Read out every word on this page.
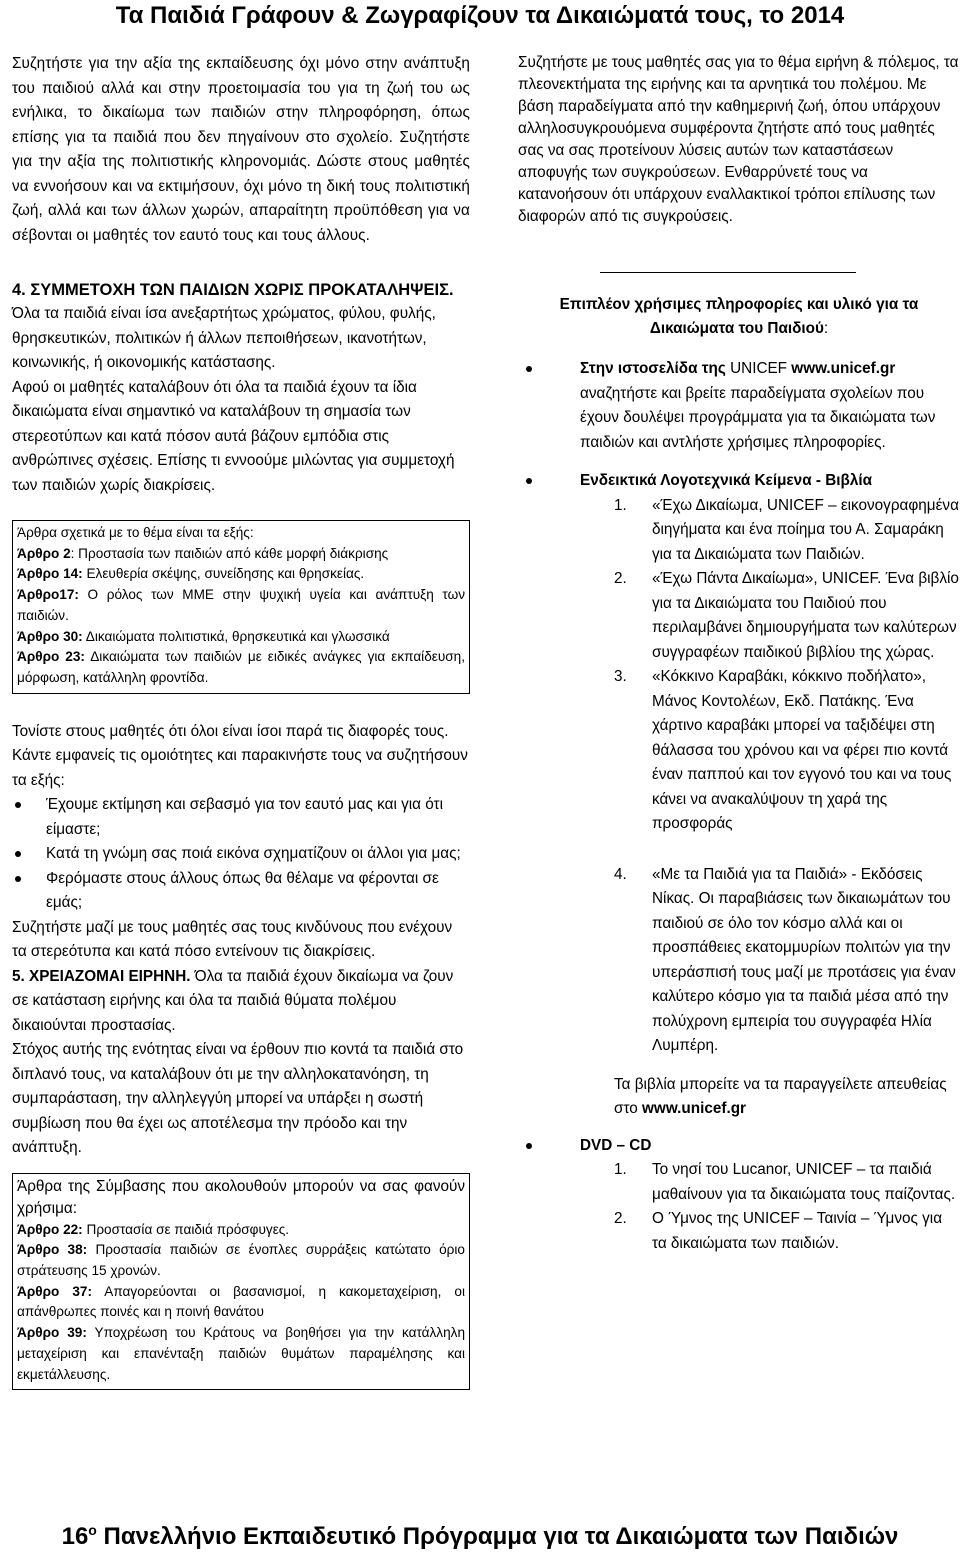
Τα Παιδιά Γράφουν & Ζωγραφίζουν τα Δικαιώματά τους, το 2014

Συζητήστε για την αξία της εκπαίδευσης όχι μόνο στην ανάπτυξη του παιδιού αλλά και στην προετοιμασία του για τη ζωή του ως ενήλικα, το δικαίωμα των παιδιών στην πληροφόρηση, όπως επίσης για τα παιδιά που δεν πηγαίνουν στο σχολείο. Συζητήστε για την αξία της πολιτιστικής κληρονομιάς. Δώστε στους μαθητές να εννοήσουν και να εκτιμήσουν, όχι μόνο τη δική τους πολιτιστική ζωή, αλλά και των άλλων χωρών, απαραίτητη προϋπόθεση για να σέβονται οι μαθητές τον εαυτό τους και τους άλλους.

4. ΣΥΜΜΕΤΟΧΗ ΤΩΝ ΠΑΙΔΙΩΝ ΧΩΡΙΣ ΠΡΟΚΑΤΑΛΗΨΕΙΣ.

Όλα τα παιδιά είναι ίσα ανεξαρτήτως χρώματος, φύλου, φυλής, θρησκευτικών, πολιτικών ή άλλων πεποιθήσεων, ικανοτήτων, κοινωνικής, ή οικονομικής κατάστασης.

Αφού οι μαθητές καταλάβουν ότι όλα τα παιδιά έχουν τα ίδια δικαιώματα είναι σημαντικό να καταλάβουν τη σημασία των στερεοτύπων και κατά πόσον αυτά βάζουν εμπόδια στις ανθρώπινες σχέσεις. Επίσης τι εννοούμε μιλώντας για συμμετοχή των παιδιών χωρίς διακρίσεις.

Άρθρα σχετικά με το θέμα είναι τα εξής:

Άρθρο 2: Προστασία των παιδιών από κάθε μορφή διάκρισης

Άρθρο 14: Ελευθερία σκέψης, συνείδησης και θρησκείας.

Άρθρο17: Ο ρόλος των ΜΜΕ στην ψυχική υγεία και ανάπτυξη των παιδιών.

Άρθρο 30: Δικαιώματα πολιτιστικά, θρησκευτικά και γλωσσικά

Άρθρο 23: Δικαιώματα των παιδιών με ειδικές ανάγκες για εκπαίδευση, μόρφωση, κατάλληλη φροντίδα.

Τονίστε στους μαθητές ότι όλοι είναι ίσοι παρά τις διαφορές τους. Κάντε εμφανείς τις ομοιότητες και παρακινήστε τους να συζητήσουν τα εξής:

Έχουμε εκτίμηση και σεβασμό για τον εαυτό μας και για ότι είμαστε;
Κατά τη γνώμη σας ποιά εικόνα σχηματίζουν οι άλλοι για μας;
Φερόμαστε στους άλλους όπως θα θέλαμε να φέρονται σε εμάς;

Συζητήστε μαζί με τους μαθητές σας τους κινδύνους που ενέχουν τα στερεότυπα και κατά πόσο εντείνουν τις διακρίσεις.

5. ΧΡΕΙΑΖΟΜΑΙ ΕΙΡΗΝΗ. Όλα τα παιδιά έχουν δικαίωμα να ζουν σε κατάσταση ειρήνης και όλα τα παιδιά θύματα πολέμου δικαιούνται προστασίας.

Στόχος αυτής της ενότητας είναι να έρθουν πιο κοντά τα παιδιά στο διπλανό τους, να καταλάβουν ότι με την αλληλοκατανόηση, τη συμπαράσταση, την αλληλεγγύη μπορεί να υπάρξει η σωστή συμβίωση που θα έχει ως αποτέλεσμα την πρόοδο και την ανάπτυξη.

Άρθρα της Σύμβασης που ακολουθούν μπορούν να σας φανούν χρήσιμα:

Άρθρο 22: Προστασία σε παιδιά πρόσφυγες.

Άρθρο 38: Προστασία παιδιών σε ένοπλες συρράξεις κατώτατο όριο στράτευσης 15 χρονών.

Άρθρο 37: Απαγορεύονται οι βασανισμοί, η κακομεταχείριση, οι απάνθρωπες ποινές και η ποινή θανάτου

Άρθρο 39: Υποχρέωση του Κράτους να βοηθήσει για την κατάλληλη μεταχείριση και επανένταξη παιδιών θυμάτων παραμέλησης και εκμετάλλευσης.

Συζητήστε με τους μαθητές σας για το θέμα ειρήνη & πόλεμος, τα πλεονεκτήματα της ειρήνης και τα αρνητικά του πολέμου. Με βάση παραδείγματα από την καθημερινή ζωή, όπου υπάρχουν αλληλοσυγκρουόμενα συμφέροντα ζητήστε από τους μαθητές σας να σας προτείνουν λύσεις αυτών των καταστάσεων αποφυγής των συγκρούσεων. Ενθαρρύνετέ τους να κατανοήσουν ότι υπάρχουν εναλλακτικοί τρόποι επίλυσης των διαφορών από τις συγκρούσεις.

Επιπλέον χρήσιμες πληροφορίες και υλικό για τα Δικαιώματα του Παιδιού:

Στην ιστοσελίδα της UNICEF www.unicef.gr αναζητήστε και βρείτε παραδείγματα σχολείων που έχουν δουλέψει προγράμματα για τα δικαιώματα των παιδιών και αντλήστε χρήσιμες πληροφορίες.
Ενδεικτικά Λογοτεχνικά Κείμενα - Βιβλία
1. «Έχω Δικαίωμα, UNICEF – εικονογραφημένα διηγήματα και ένα ποίημα του Α. Σαμαράκη για τα Δικαιώματα των Παιδιών.
2. «Έχω Πάντα Δικαίωμα», UNICEF. Ένα βιβλίο για τα Δικαιώματα του Παιδιού που περιλαμβάνει δημιουργήματα των καλύτερων συγγραφέων παιδικού βιβλίου της χώρας.
3. «Κόκκινο Καραβάκι, κόκκινο ποδήλατο», Μάνος Κοντολέων, Εκδ. Πατάκης. Ένα χάρτινο καραβάκι μπορεί να ταξιδέψει στη θάλασσα του χρόνου και να φέρει πιο κοντά έναν παππού και τον εγγονό του και να τους κάνει να ανακαλύψουν τη χαρά της προσφοράς
4. «Με τα Παιδιά για τα Παιδιά» - Εκδόσεις Νίκας. Οι παραβιάσεις των δικαιωμάτων του παιδιού σε όλο τον κόσμο αλλά και οι προσπάθειες εκατομμυρίων πολιτών για την υπεράσπισή τους μαζί με προτάσεις για έναν καλύτερο κόσμο για τα παιδιά μέσα από την πολύχρονη εμπειρία του συγγραφέα Ηλία Λυμπέρη.

Τα βιβλία μπορείτε να τα παραγγείλετε απευθείας στο www.unicef.gr

DVD – CD
1. Το νησί του Lucanor, UNICEF – τα παιδιά μαθαίνουν για τα δικαιώματα τους παίζοντας.
2. Ο Ύμνος της UNICEF – Ταινία – Ύμνος για τα δικαιώματα των παιδιών.
$16^o$ Πανελλήνιο Εκπαιδευτικό Πρόγραμμα για τα Δικαιώματα των Παιδιών
